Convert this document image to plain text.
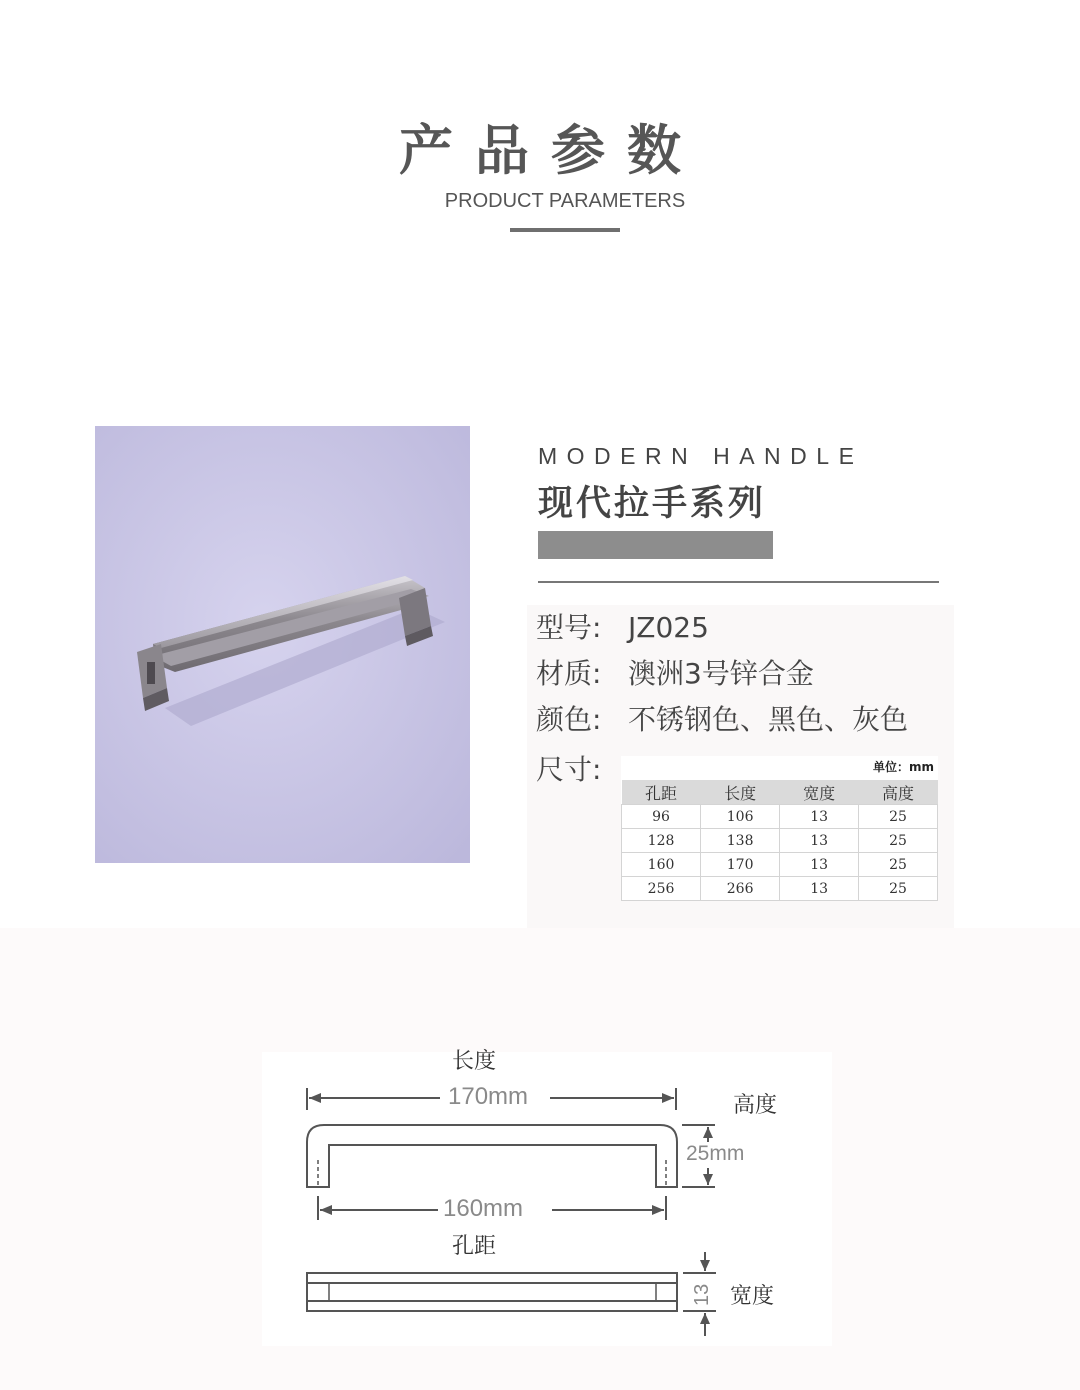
产品参数
PRODUCT PARAMETERS
MODERN HANDLE
现代拉手系列
型号: JZ025
材质: 澳洲3号锌合金
颜色: 不锈钢色、黑色、灰色
尺寸:	单位：mm
孔距	长度	宽度	高度
96	106	13	25
128	138	13	25
160	170	13	25
256	266	13	25
长度
170mm	高度
25mm
160mm
孔距
13 宽度
